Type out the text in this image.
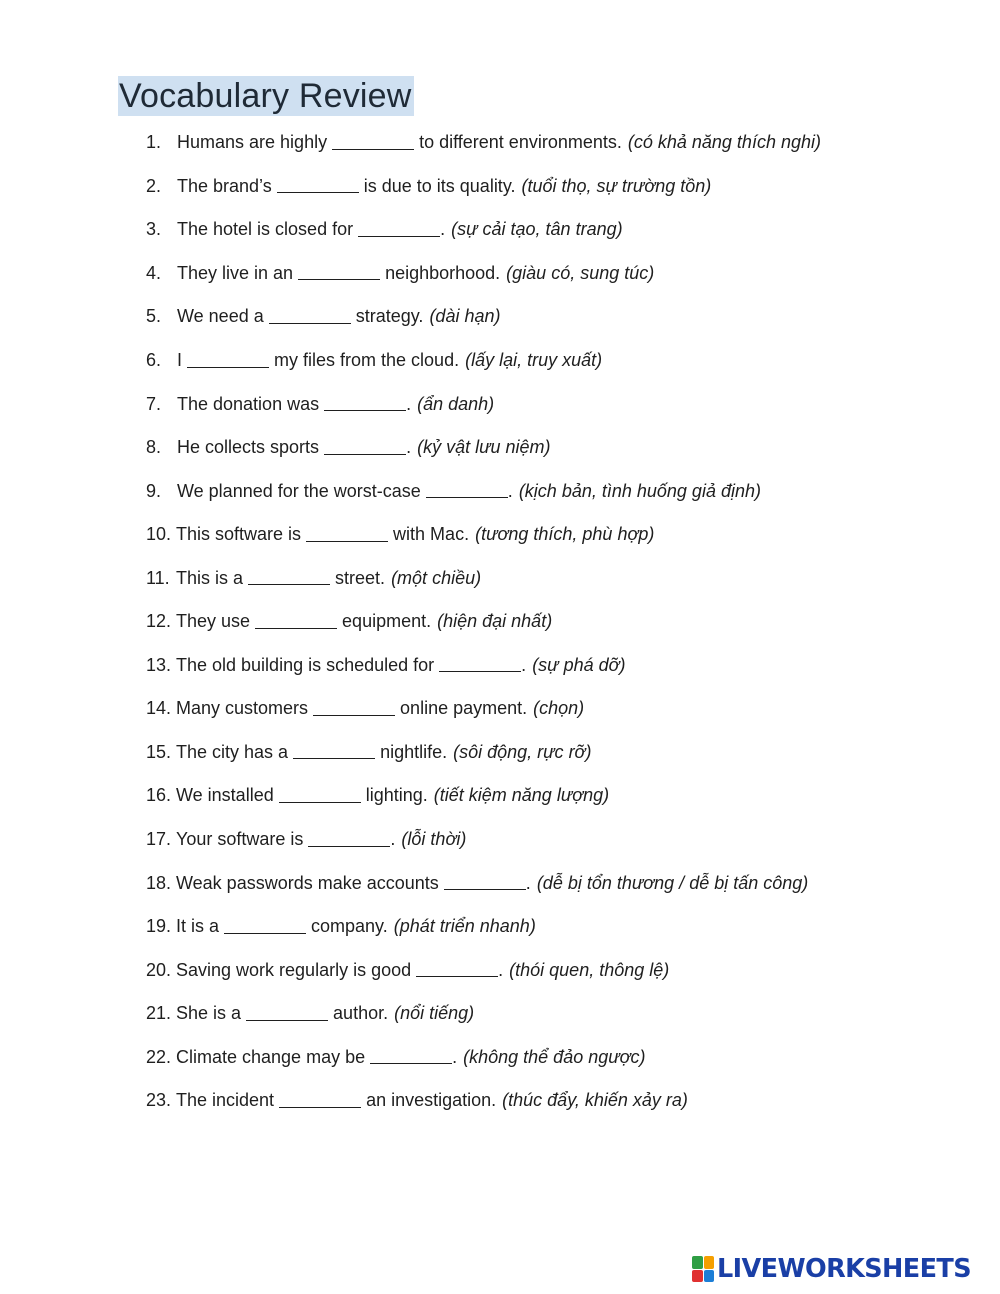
Vocabulary Review
1. Humans are highly	to different environments. (có khả năng thích nghi)
2. The brand’s	is due to its quality. (tuổi thọ, sự trường tồn)
3. The hotel is closed for	. (sự cải tạo, tân trang)
4. They live in an	neighborhood. (giàu có, sung túc)
5. We need a	strategy. (dài hạn)
6. I	my files from the cloud. (lấy lại, truy xuất)
7. The donation was	. (ẩn danh)
8. He collects sports	. (kỷ vật lưu niệm)
9. We planned for the worst-case	. (kịch bản, tình huống giả định)
10. This software is	with Mac. (tương thích, phù hợp)
11. This is a	street. (một chiều)
12. They use	equipment. (hiện đại nhất)
13. The old building is scheduled for	. (sự phá dỡ)
14. Many customers	online payment. (chọn)
15. The city has a	nightlife. (sôi động, rực rỡ)
16. We installed	lighting. (tiết kiệm năng lượng)
17. Your software is	. (lỗi thời)
18. Weak passwords make accounts	. (dễ bị tổn thương / dễ bị tấn công)
19. It is a	company. (phát triển nhanh)
20. Saving work regularly is good	. (thói quen, thông lệ)
21. She is a	author. (nổi tiếng)
22. Climate change may be	. (không thể đảo ngược)
23. The incident	an investigation. (thúc đẩy, khiến xảy ra)
LIVEWORKSHEETS
